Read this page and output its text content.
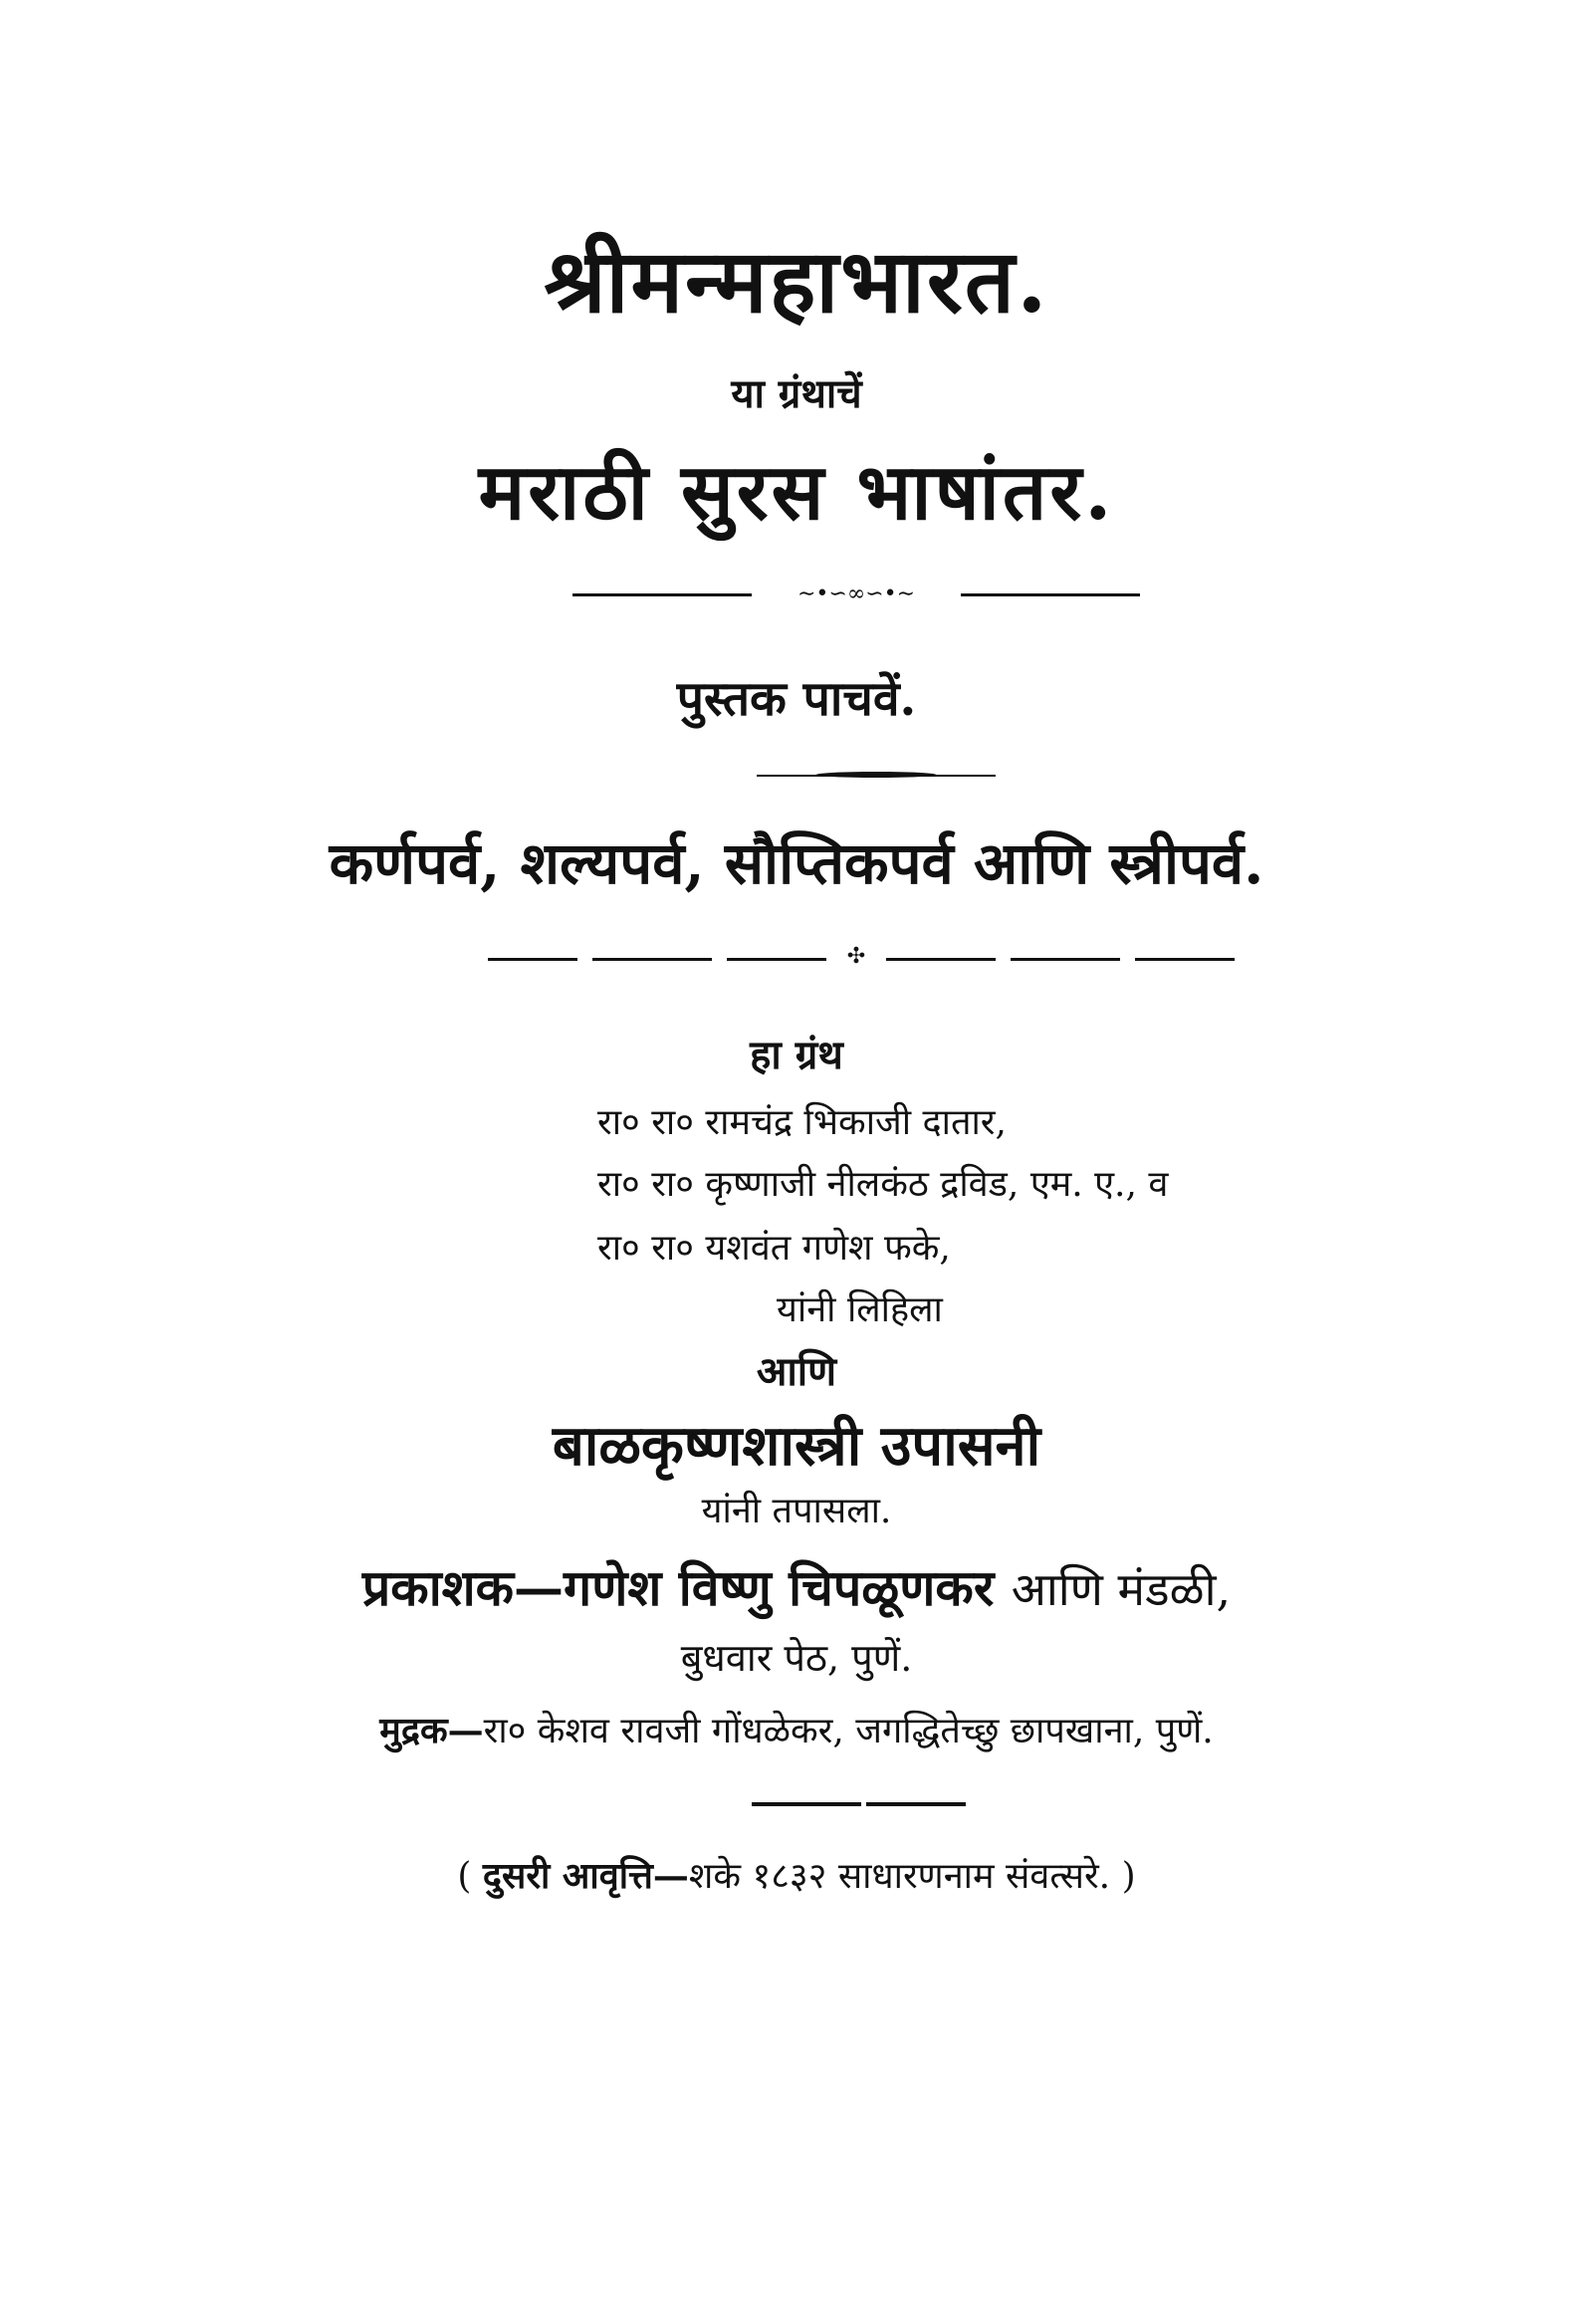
श्रीमन्महाभारत.
या ग्रंथाचें
मराठी सुरस भाषांतर.
∼•∽∞∽•∼
पुस्तक पाचवें.
कर्णपर्व, शल्यपर्व, सौप्तिकपर्व आणि स्त्रीपर्व.
✣
हा ग्रंथ
रा० रा० रामचंद्र भिकाजी दातार,
रा० रा० कृष्णाजी नीलकंठ द्रविड, एम. ए., व
रा० रा० यशवंत गणेश फके,
यांनी लिहिला
आणि
बाळकृष्णशास्त्री उपासनी
यांनी तपासला.
प्रकाशक—गणेश विष्णु चिपळूणकर आणि मंडळी,
बुधवार पेठ, पुणें.
मुद्रक—रा० केशव रावजी गोंधळेकर, जगद्धितेच्छु छापखाना, पुणें.
( दुसरी आवृत्ति—शके १८३२ साधारणनाम संवत्सरे. )
